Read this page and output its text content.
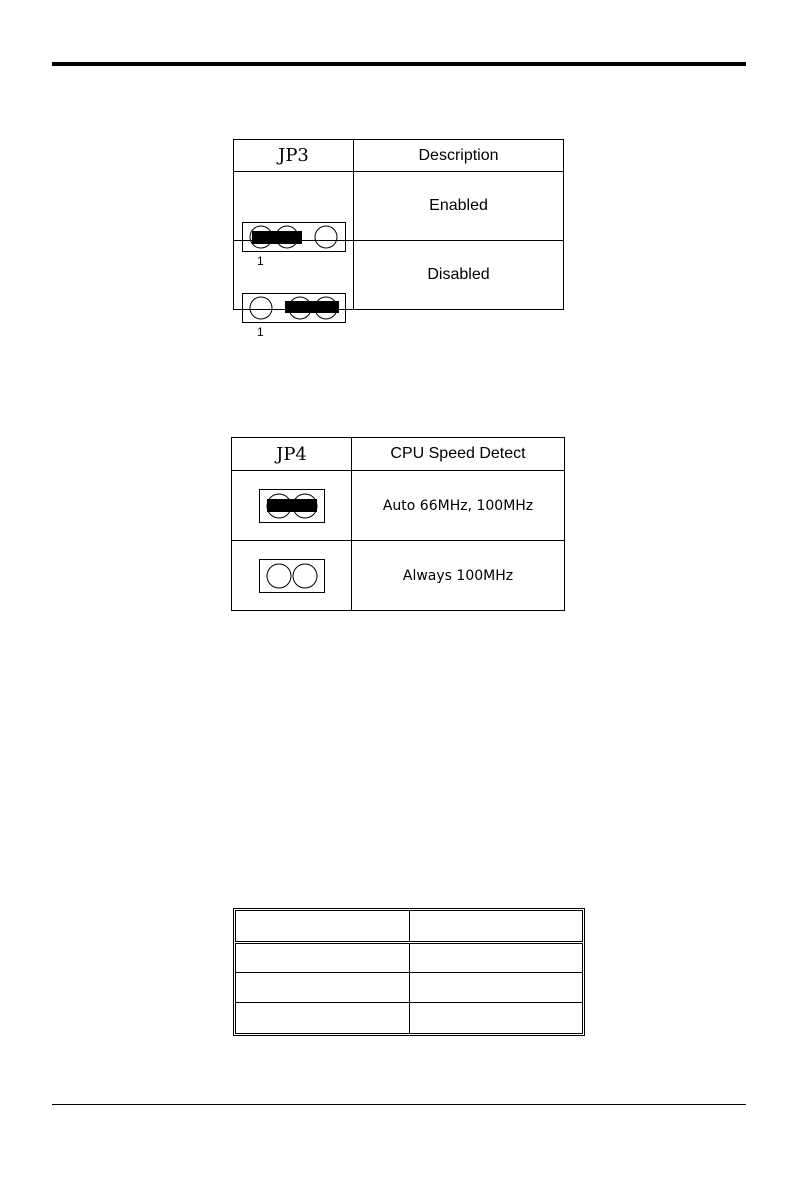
JP3	Description

1	Enabled

1	Disabled
JP4	CPU Speed Detect

	Auto 66MHz, 100MHz

	Always 100MHz
